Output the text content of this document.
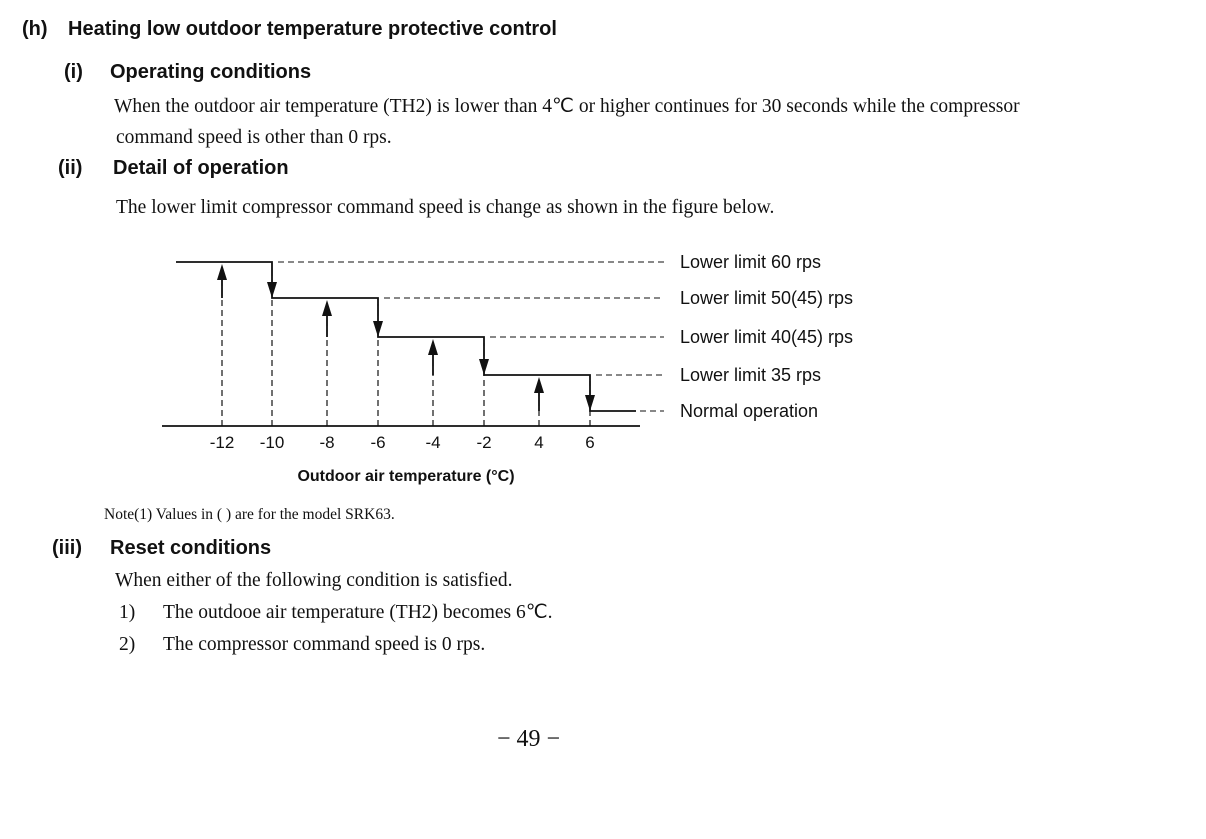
(h) Heating low outdoor temperature protective control
(i) Operating conditions
When the outdoor air temperature (TH2) is lower than 4℃ or higher continues for 30 seconds while the compressor
command speed is other than 0 rps.
(ii) Detail of operation
The lower limit compressor command speed is change as shown in the figure below.
-12 -10 -8 -6 -4 -2	4 6
Lower limit 60 rps
Lower limit 50(45) rps
Lower limit 40(45) rps
Lower limit 35 rps
Normal operation
Outdoor air temperature (°C)
Note(1) Values in ( ) are for the model SRK63.
(iii) Reset conditions
When either of the following condition is satisfied.
1) The outdooe air temperature (TH2) becomes 6℃.
2) The compressor command speed is 0 rps.
− 49 −
